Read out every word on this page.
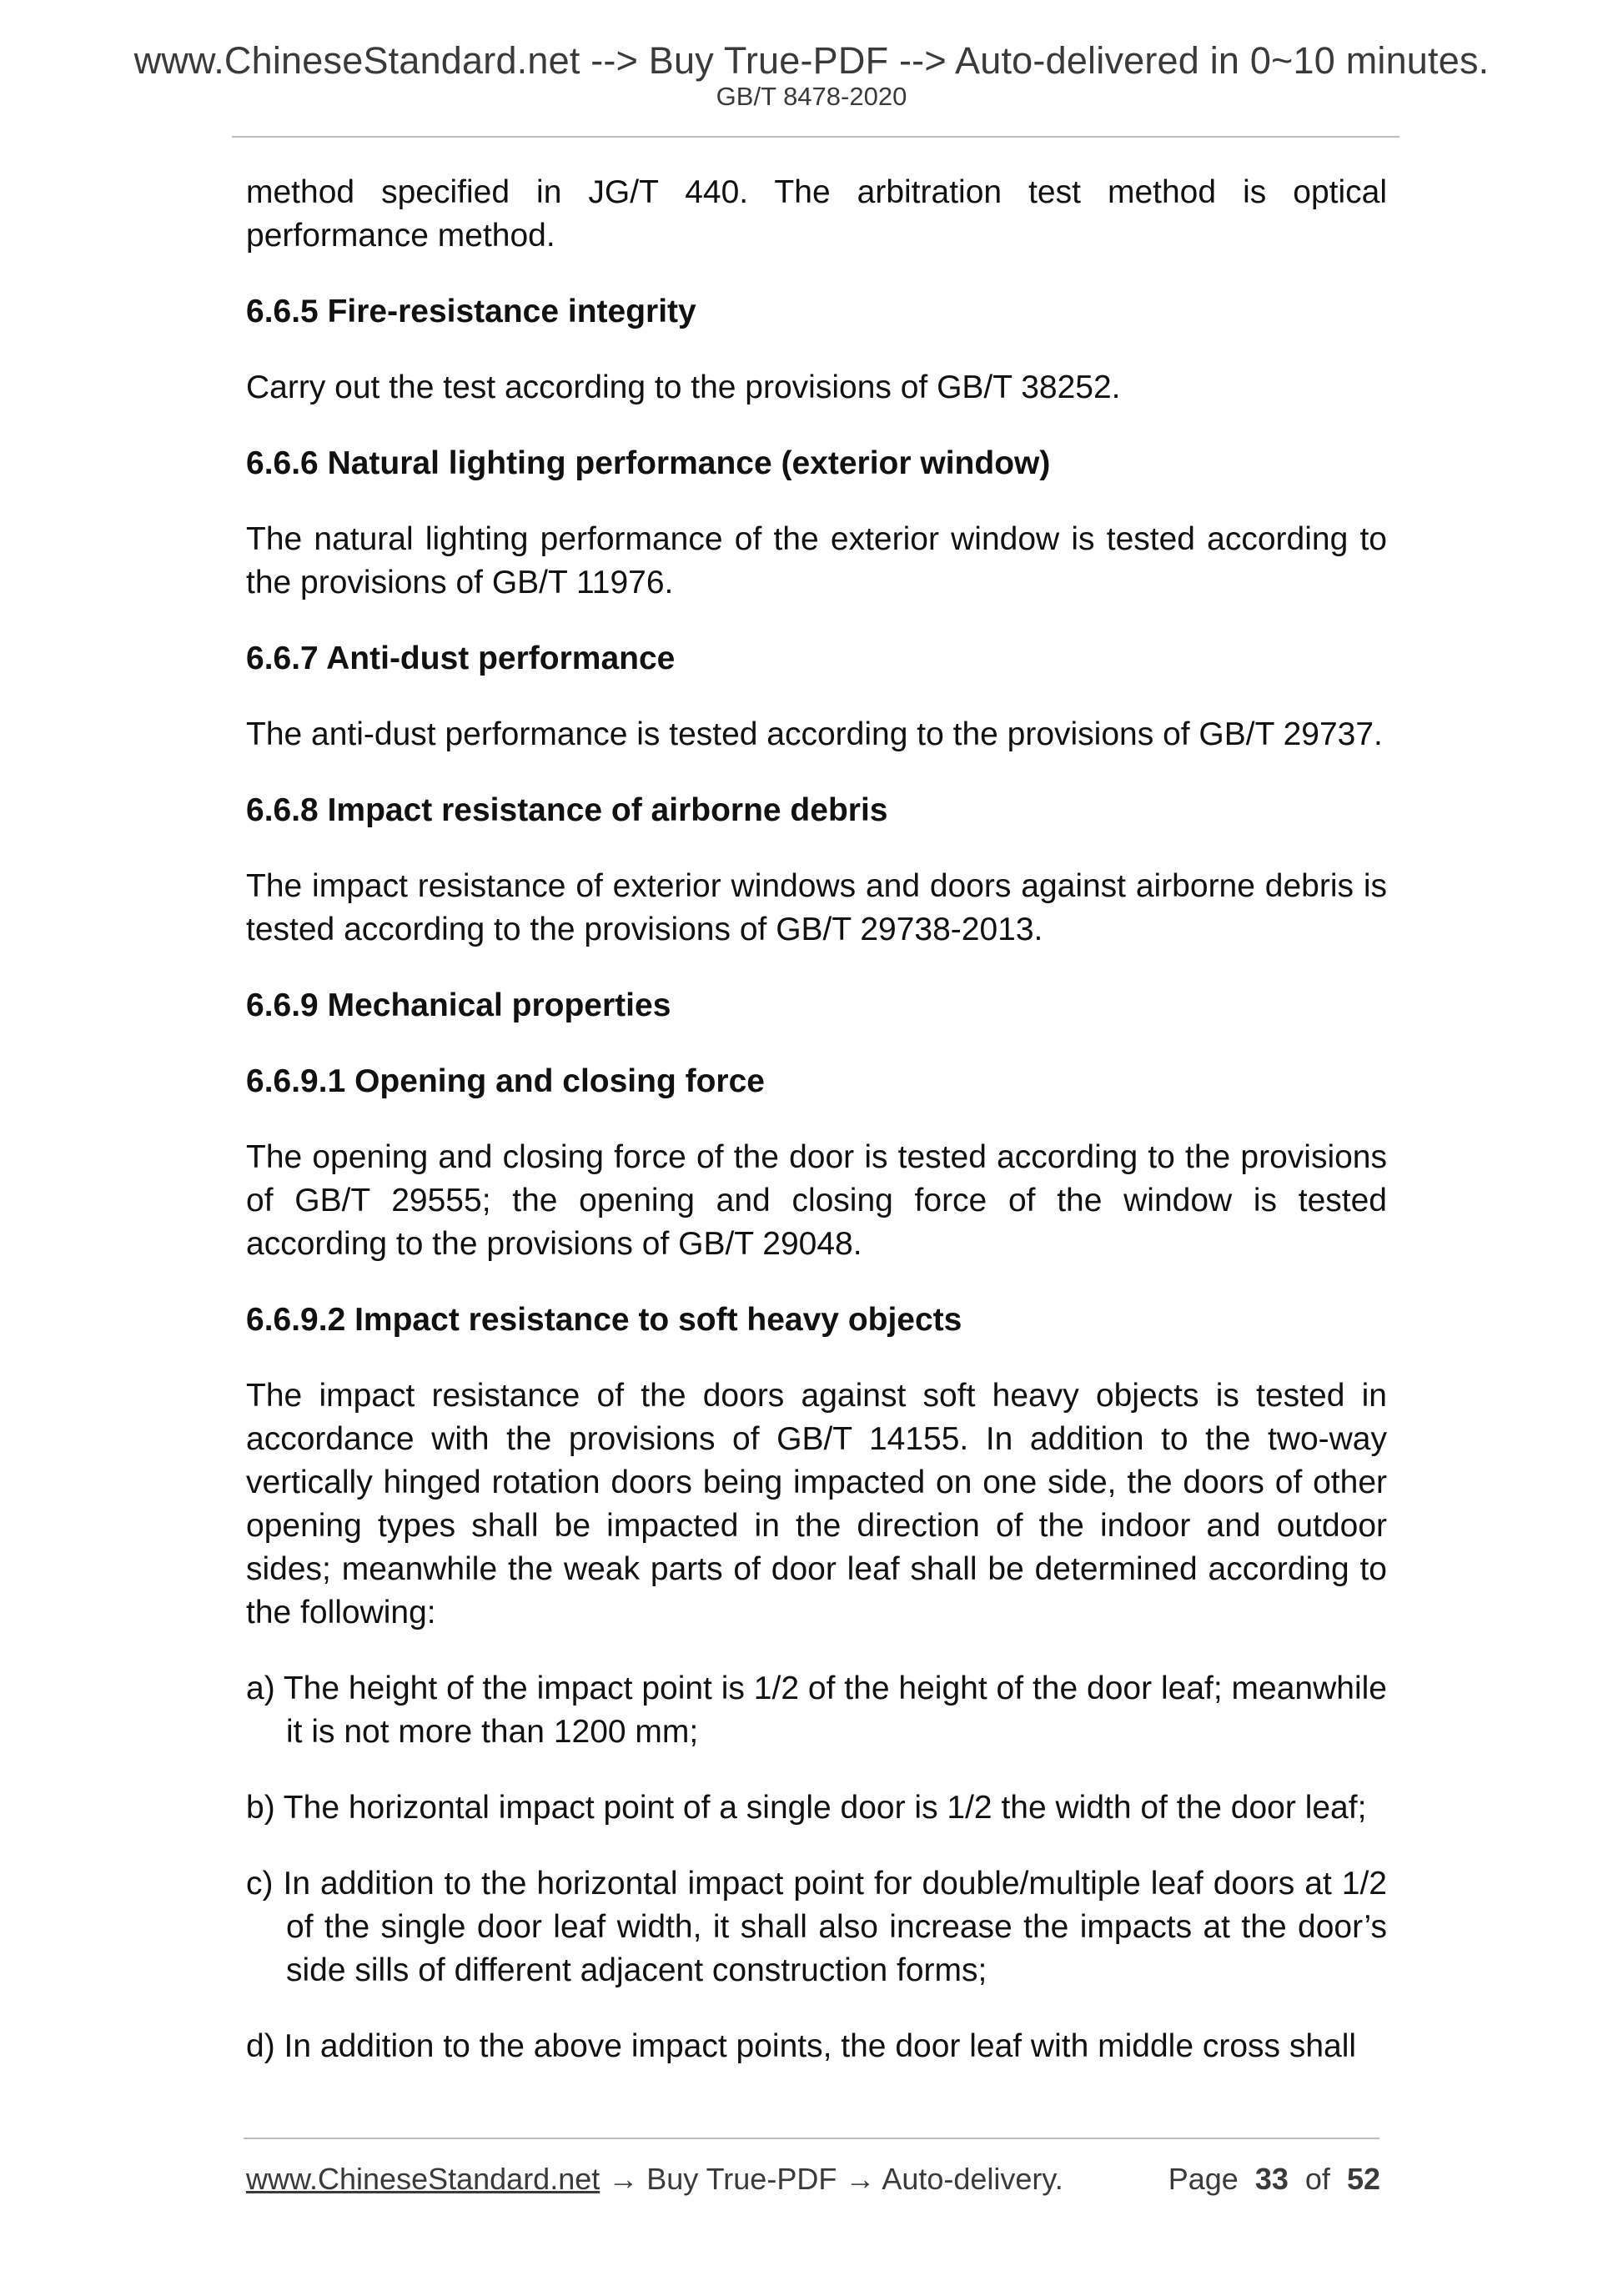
www.ChineseStandard.net --> Buy True-PDF --> Auto-delivered in 0~10 minutes.
GB/T 8478-2020

method specified in JG/T 440. The arbitration test method is optical performance method.

6.6.5 Fire-resistance integrity

Carry out the test according to the provisions of GB/T 38252.

6.6.6 Natural lighting performance (exterior window)

The natural lighting performance of the exterior window is tested according to the provisions of GB/T 11976.

6.6.7 Anti-dust performance

The anti-dust performance is tested according to the provisions of GB/T 29737.

6.6.8 Impact resistance of airborne debris

The impact resistance of exterior windows and doors against airborne debris is tested according to the provisions of GB/T 29738-2013.

6.6.9 Mechanical properties

6.6.9.1 Opening and closing force

The opening and closing force of the door is tested according to the provisions of GB/T 29555; the opening and closing force of the window is tested according to the provisions of GB/T 29048.

6.6.9.2 Impact resistance to soft heavy objects

The impact resistance of the doors against soft heavy objects is tested in accordance with the provisions of GB/T 14155. In addition to the two-way vertically hinged rotation doors being impacted on one side, the doors of other opening types shall be impacted in the direction of the indoor and outdoor sides; meanwhile the weak parts of door leaf shall be determined according to the following:

a) The height of the impact point is 1/2 of the height of the door leaf; meanwhile it is not more than 1200 mm;

b) The horizontal impact point of a single door is 1/2 the width of the door leaf;

c) In addition to the horizontal impact point for double/multiple leaf doors at 1/2 of the single door leaf width, it shall also increase the impacts at the door’s side sills of different adjacent construction forms;

d) In addition to the above impact points, the door leaf with middle cross shall

www.ChineseStandard.net → Buy True-PDF → Auto-delivery.	Page 33 of 52
